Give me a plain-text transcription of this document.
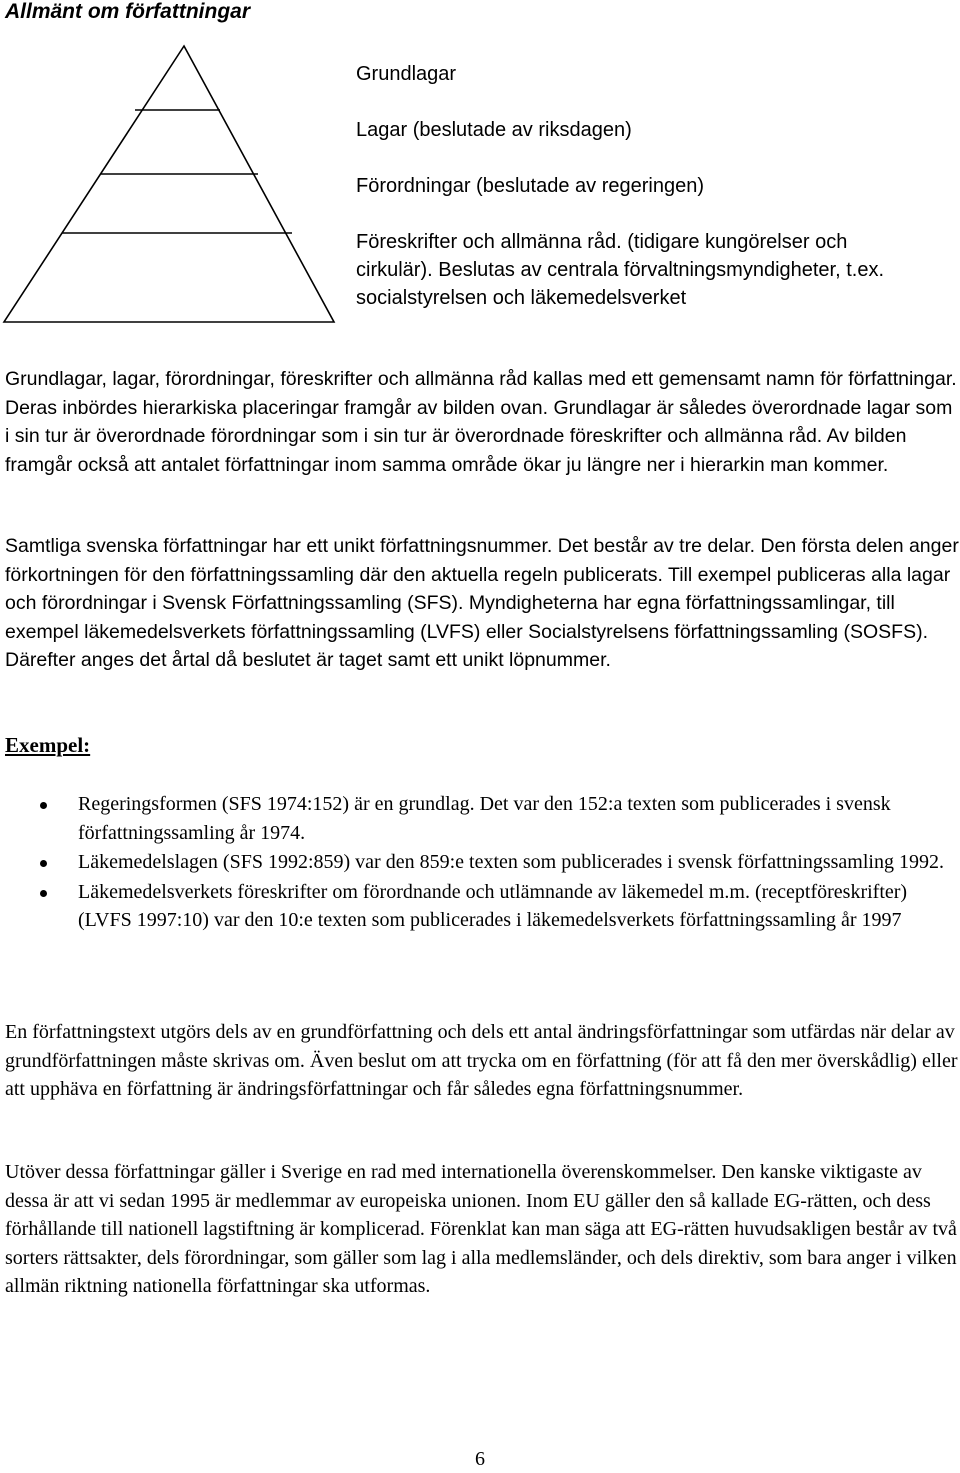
Allmänt om författningar

Grundlagar

Lagar (beslutade av riksdagen)

Förordningar (beslutade av regeringen)

Föreskrifter och allmänna råd. (tidigare kungörelser och cirkulär). Beslutas av centrala förvaltningsmyndigheter, t.ex. socialstyrelsen och läkemedelsverket

Grundlagar, lagar, förordningar, föreskrifter och allmänna råd kallas med ett gemensamt namn för författningar. Deras inbördes hierarkiska placeringar framgår av bilden ovan. Grundlagar är således överordnade lagar som i sin tur är överordnade förordningar som i sin tur är överordnade föreskrifter och allmänna råd. Av bilden framgår också att antalet författningar inom samma område ökar ju längre ner i hierarkin man kommer.

Samtliga svenska författningar har ett unikt författningsnummer. Det består av tre delar. Den första delen anger förkortningen för den författningssamling där den aktuella regeln publicerats. Till exempel publiceras alla lagar och förordningar i Svensk Författningssamling (SFS). Myndigheterna har egna författningssamlingar, till exempel läkemedelsverkets författningssamling (LVFS) eller Socialstyrelsens författningssamling (SOSFS). Därefter anges det årtal då beslutet är taget samt ett unikt löpnummer.

Exempel:
Regeringsformen (SFS 1974:152) är en grundlag. Det var den 152:a texten som publicerades i svensk författningssamling år 1974.
Läkemedelslagen (SFS 1992:859) var den 859:e texten som publicerades i svensk författningssamling 1992.
Läkemedelsverkets föreskrifter om förordnande och utlämnande av läkemedel m.m. (receptföreskrifter) (LVFS 1997:10) var den 10:e texten som publicerades i läkemedelsverkets författningssamling år 1997

En författningstext utgörs dels av en grundförfattning och dels ett antal ändringsförfattningar som utfärdas när delar av grundförfattningen måste skrivas om. Även beslut om att trycka om en författning (för att få den mer överskådlig) eller att upphäva en författning är ändringsförfattningar och får således egna författningsnummer.

Utöver dessa författningar gäller i Sverige en rad med internationella överenskommelser. Den kanske viktigaste av dessa är att vi sedan 1995 är medlemmar av europeiska unionen. Inom EU gäller den så kallade EG-rätten, och dess förhållande till nationell lagstiftning är komplicerad. Förenklat kan man säga att EG-rätten huvudsakligen består av två sorters rättsakter, dels förordningar, som gäller som lag i alla medlemsländer, och dels direktiv, som bara anger i vilken allmän riktning nationella författningar ska utformas.

6
